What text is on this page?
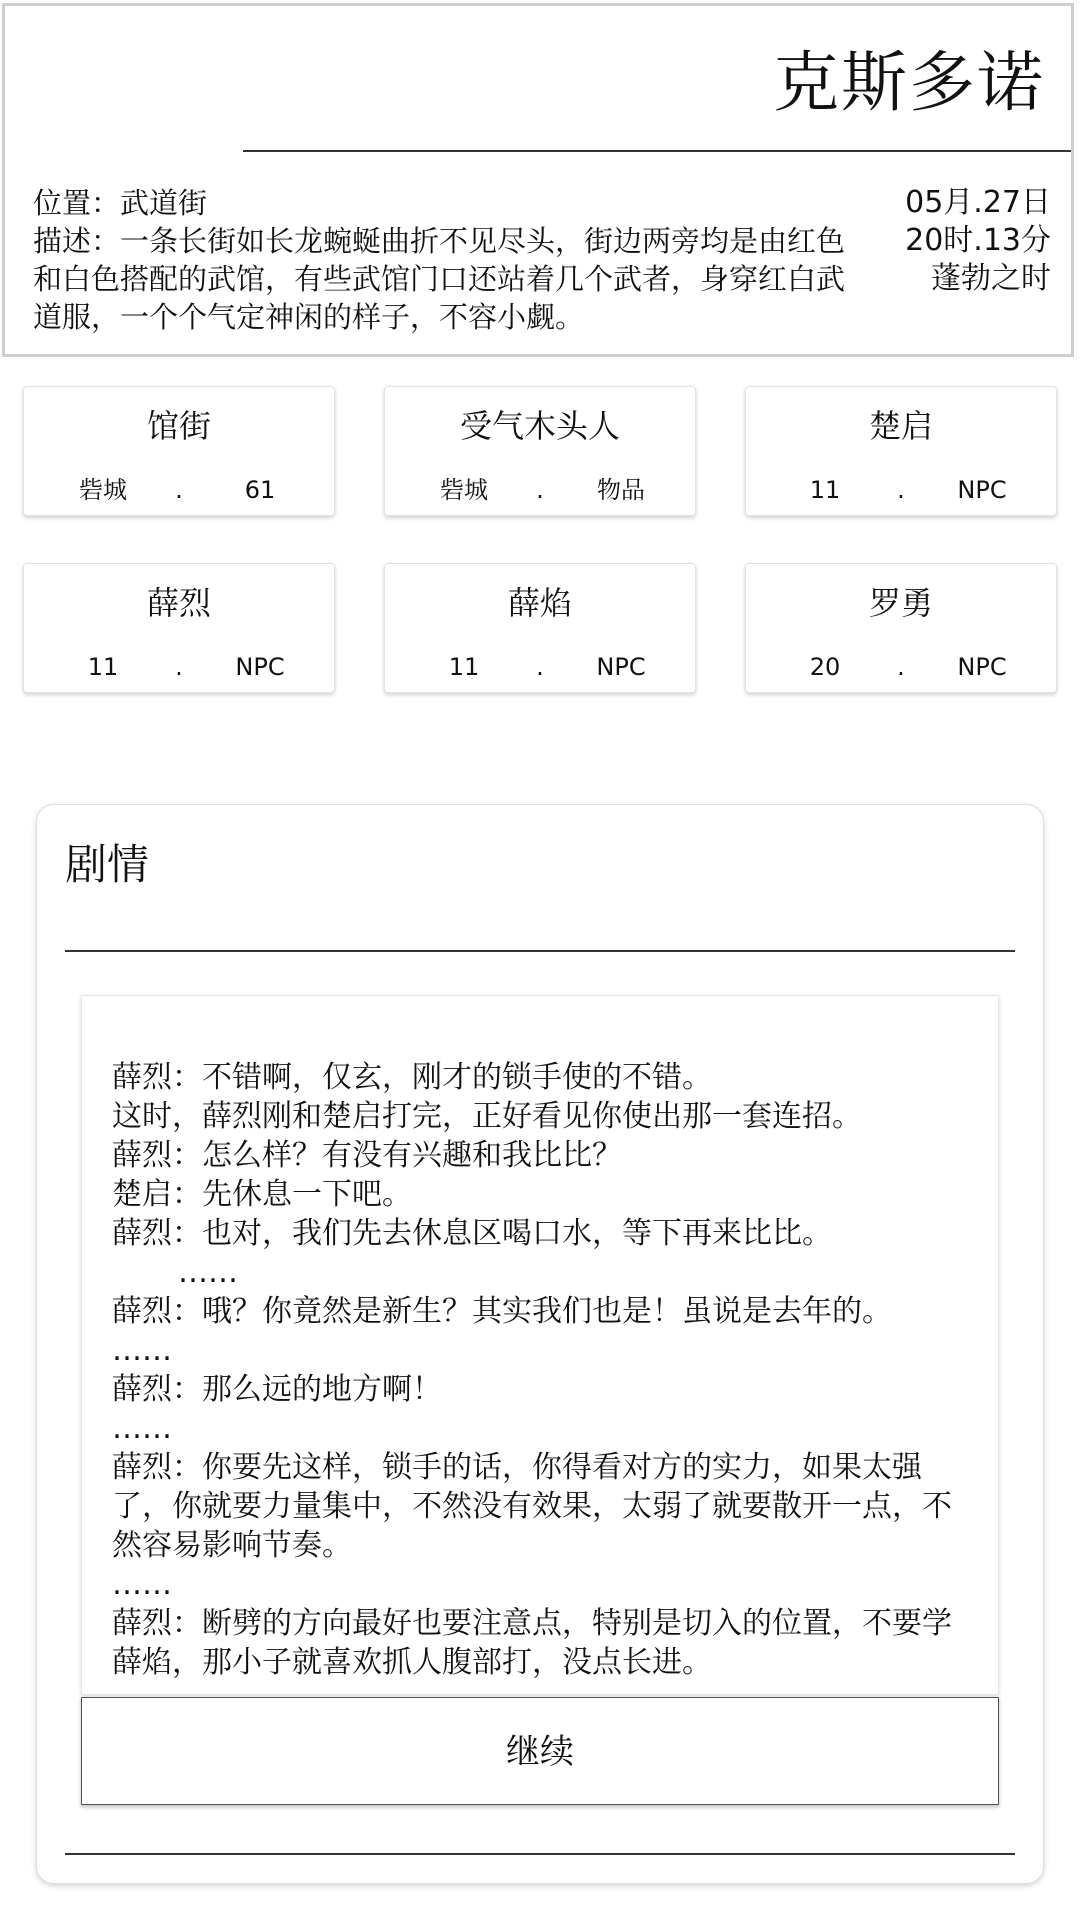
克斯多诺
位置：武道街
描述：一条长街如长龙蜿蜒曲折不见尽头，街边两旁均是由红色和白色搭配的武馆，有些武馆门口还站着几个武者，身穿红白武道服，一个个气定神闲的样子，不容小觑。
05月.27日
20时.13分
蓬勃之时
馆街
砦城 .	61
受气木头人
砦城 .	物品
楚启
11	.	NPC
薛烈
11	.	NPC
薛焰
11	.	NPC
罗勇
20	.	NPC
剧情

薛烈：不错啊，仅玄，刚才的锁手使的不错。

这时，薛烈刚和楚启打完，正好看见你使出那一套连招。

薛烈：怎么样？有没有兴趣和我比比？

楚启：先休息一下吧。

薛烈：也对，我们先去休息区喝口水，等下再来比比。

……

薛烈：哦？你竟然是新生？其实我们也是！虽说是去年的。

……

薛烈：那么远的地方啊！

……

薛烈：你要先这样，锁手的话，你得看对方的实力，如果太强了，你就要力量集中，不然没有效果，太弱了就要散开一点，不然容易影响节奏。

……

薛烈：断劈的方向最好也要注意点，特别是切入的位置，不要学薛焰，那小子就喜欢抓人腹部打，没点长进。

继续
